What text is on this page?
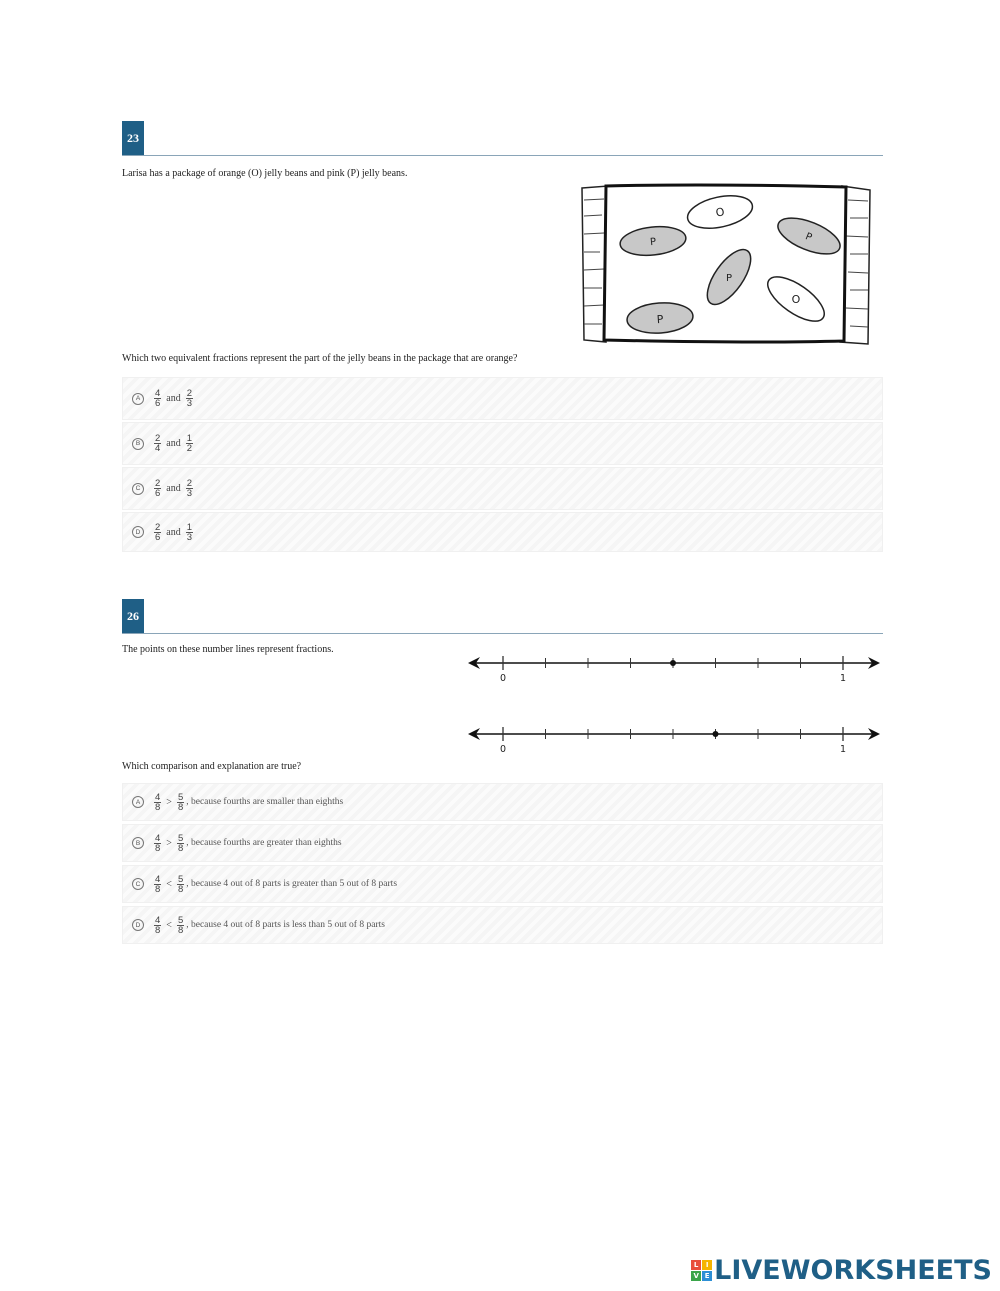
23
Larisa has a package of orange (O) jelly beans and pink (P) jelly beans.
O
P	P
P
O
P
Which two equivalent fractions represent the part of the jelly beans in the package that are orange?
A	$\frac{4}{6}$ and $\frac{2}{3}$
B	$\frac{2}{4}$ and $\frac{1}{2}$
C	$\frac{2}{6}$ and $\frac{2}{3}$
D	$\frac{2}{6}$ and $\frac{1}{3}$
26
The points on these number lines represent fractions.
0	1
0	1
Which comparison and explanation are true?
A	$\frac{4}{8} > \frac{5}{8}$ , because fourths are smaller than eighths
B	$\frac{4}{8} > \frac{5}{8}$ , because fourths are greater than eighths
C	$\frac{4}{8} < \frac{5}{8}$ , because 4 out of 8 parts is greater than 5 out of 8 parts
D	$\frac{4}{8} < \frac{5}{8}$ , because 4 out of 8 parts is less than 5 out of 8 parts
L	I
V E LIVEWORKSHEETS
